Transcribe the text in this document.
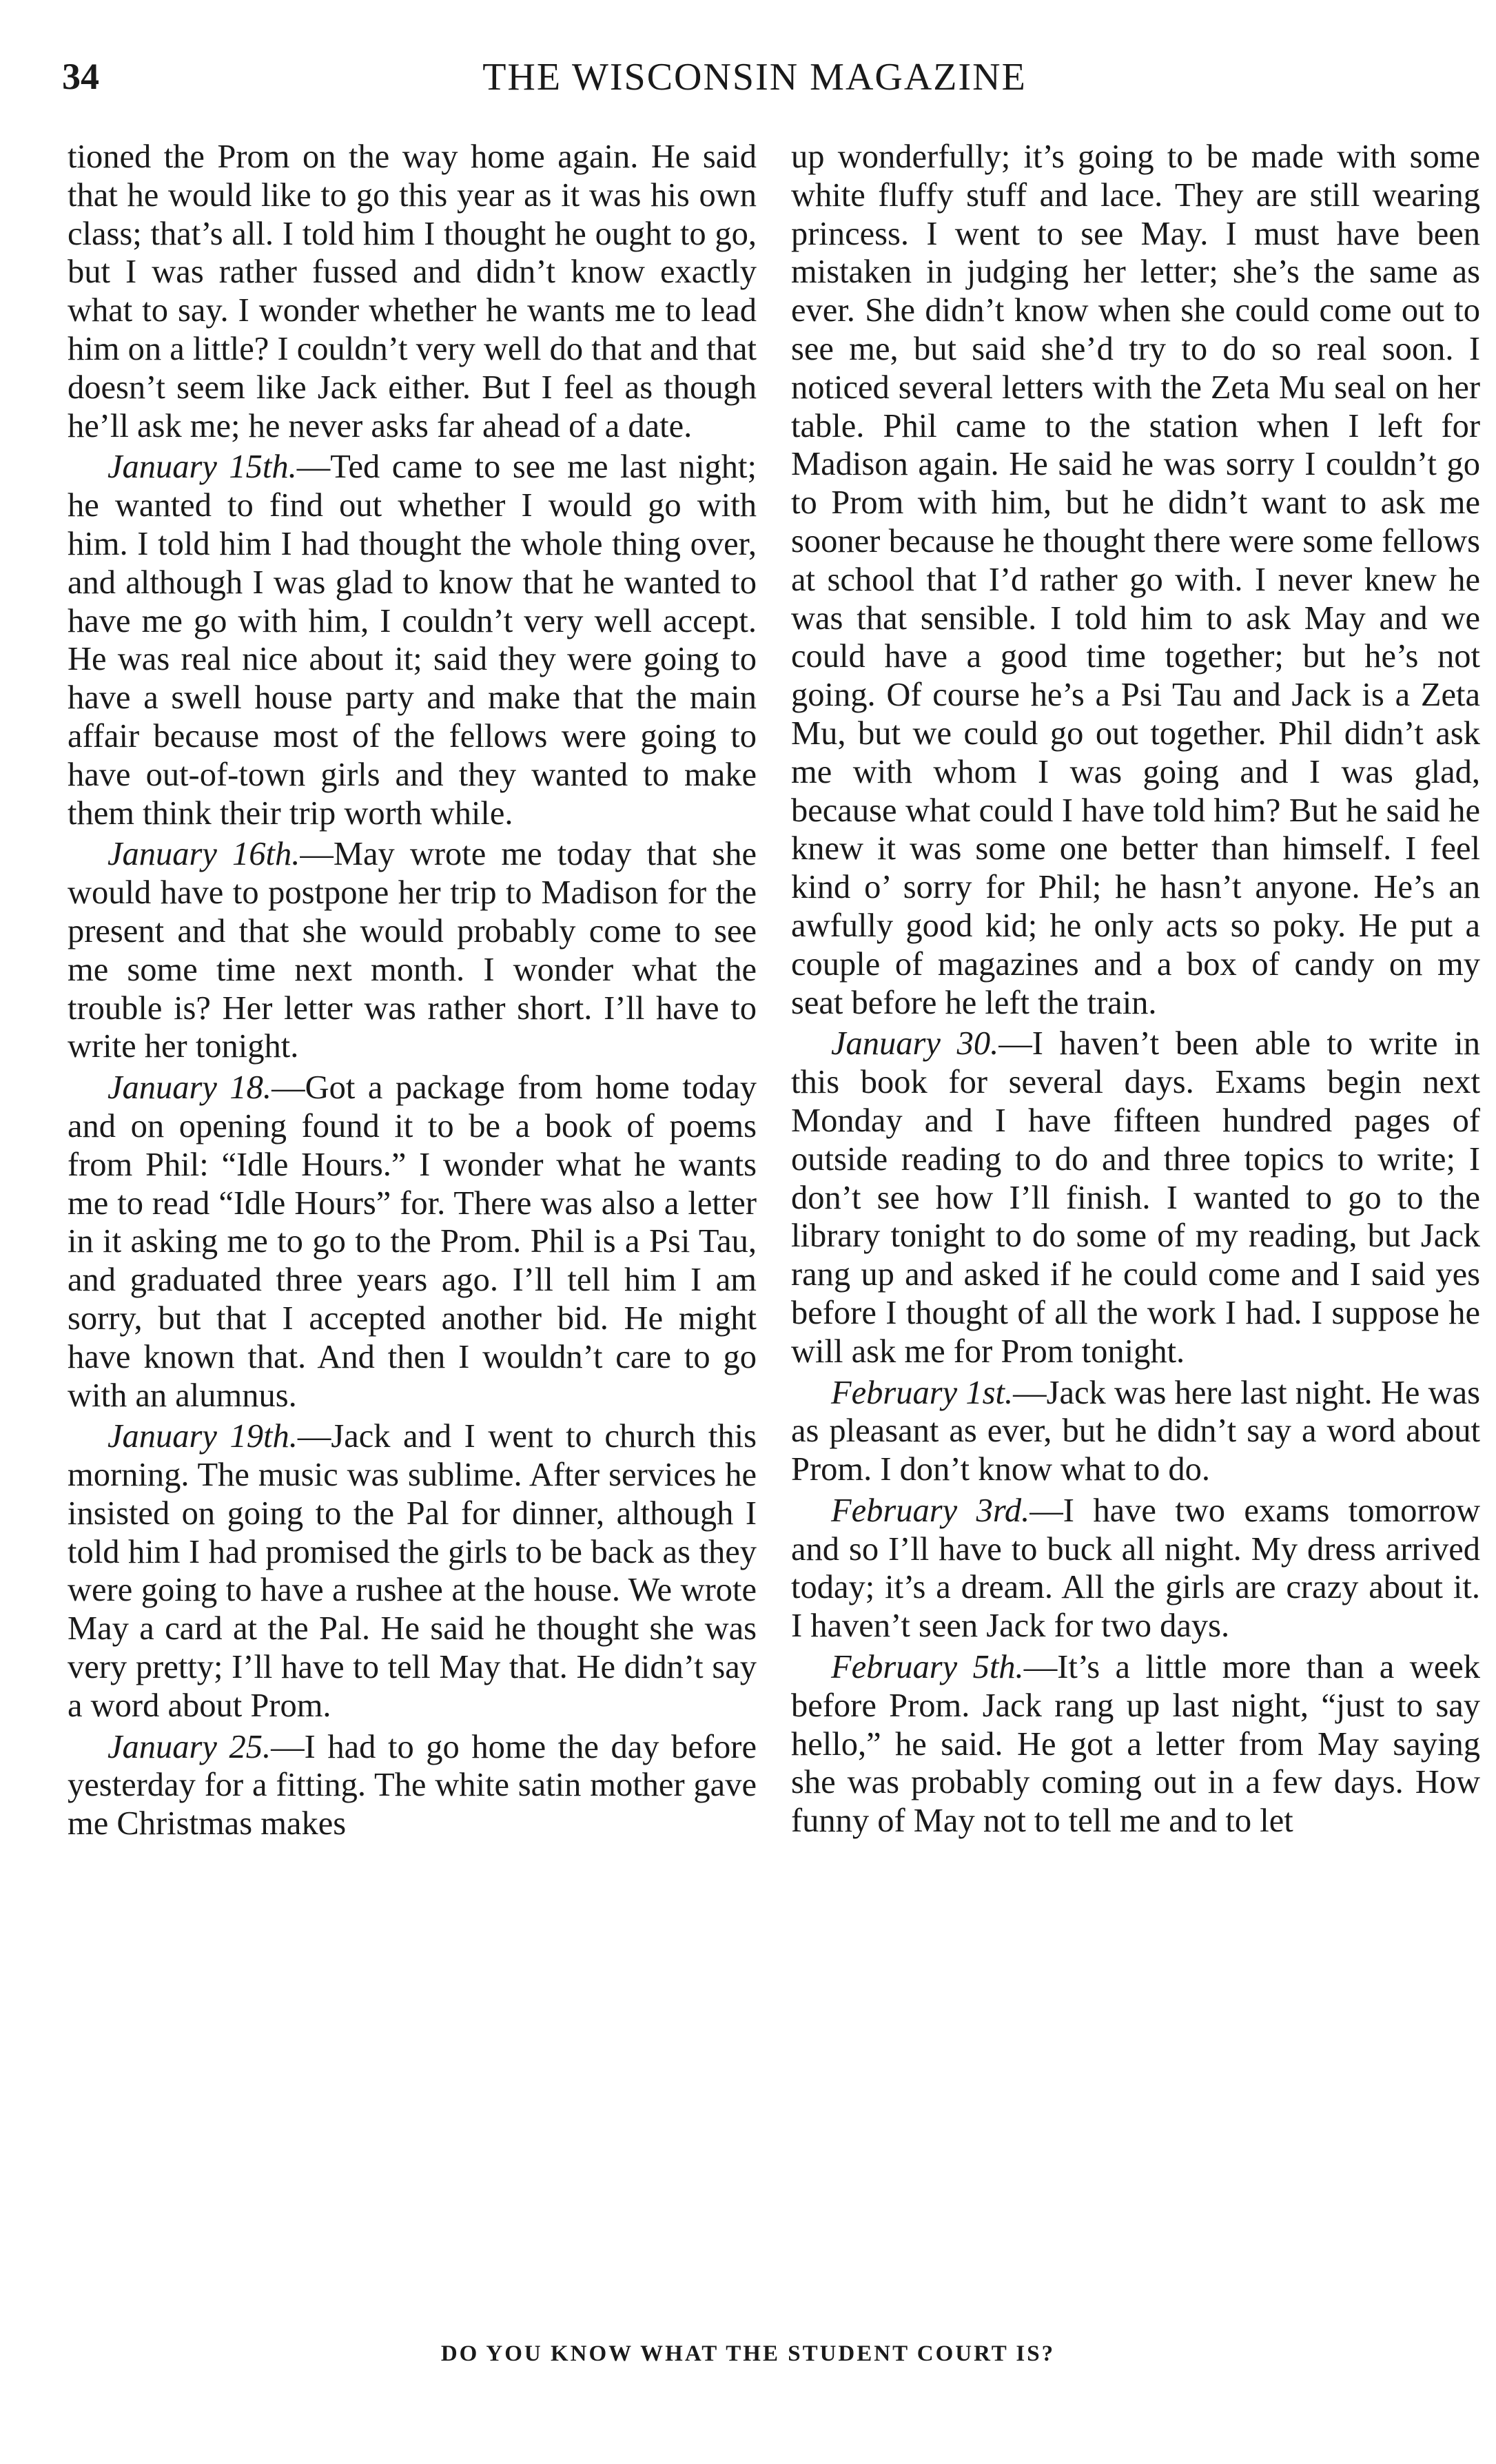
34	THE WISCONSIN MAGAZINE

tioned the Prom on the way home again. He said that he would like to go this year as it was his own class; that’s all. I told him I thought he ought to go, but I was rather fussed and didn’t know exactly what to say. I wonder whether he wants me to lead him on a little? I couldn’t very well do that and that doesn’t seem like Jack either. But I feel as though he’ll ask me; he never asks far ahead of a date.

January 15th.—Ted came to see me last night; he wanted to find out whether I would go with him. I told him I had thought the whole thing over, and although I was glad to know that he wanted to have me go with him, I couldn’t very well accept. He was real nice about it; said they were going to have a swell house party and make that the main affair because most of the fellows were going to have out-of-town girls and they wanted to make them think their trip worth while.

January 16th.—May wrote me today that she would have to postpone her trip to Madison for the present and that she would probably come to see me some time next month. I wonder what the trouble is? Her letter was rather short. I’ll have to write her tonight.

January 18.—Got a package from home today and on opening found it to be a book of poems from Phil: “Idle Hours.” I wonder what he wants me to read “Idle Hours” for. There was also a letter in it asking me to go to the Prom. Phil is a Psi Tau, and graduated three years ago. I’ll tell him I am sorry, but that I accepted another bid. He might have known that. And then I wouldn’t care to go with an alumnus.

January 19th.—Jack and I went to church this morning. The music was sublime. After services he insisted on going to the Pal for dinner, although I told him I had promised the girls to be back as they were going to have a rushee at the house. We wrote May a card at the Pal. He said he thought she was very pretty; I’ll have to tell May that. He didn’t say a word about Prom.

January 25.—I had to go home the day before yesterday for a fitting. The white satin mother gave me Christmas makes

up wonderfully; it’s going to be made with some white fluffy stuff and lace. They are still wearing princess. I went to see May. I must have been mistaken in judging her letter; she’s the same as ever. She didn’t know when she could come out to see me, but said she’d try to do so real soon. I noticed several letters with the Zeta Mu seal on her table. Phil came to the station when I left for Madison again. He said he was sorry I couldn’t go to Prom with him, but he didn’t want to ask me sooner because he thought there were some fellows at school that I’d rather go with. I never knew he was that sensible. I told him to ask May and we could have a good time together; but he’s not going. Of course he’s a Psi Tau and Jack is a Zeta Mu, but we could go out together. Phil didn’t ask me with whom I was going and I was glad, because what could I have told him? But he said he knew it was some one better than himself. I feel kind o’ sorry for Phil; he hasn’t anyone. He’s an awfully good kid; he only acts so poky. He put a couple of magazines and a box of candy on my seat before he left the train.

January 30.—I haven’t been able to write in this book for several days. Exams begin next Monday and I have fifteen hundred pages of outside reading to do and three topics to write; I don’t see how I’ll finish. I wanted to go to the library tonight to do some of my reading, but Jack rang up and asked if he could come and I said yes before I thought of all the work I had. I suppose he will ask me for Prom tonight.

February 1st.—Jack was here last night. He was as pleasant as ever, but he didn’t say a word about Prom. I don’t know what to do.

February 3rd.—I have two exams tomorrow and so I’ll have to buck all night. My dress arrived today; it’s a dream. All the girls are crazy about it. I haven’t seen Jack for two days.

February 5th.—It’s a little more than a week before Prom. Jack rang up last night, “just to say hello,” he said. He got a letter from May saying she was probably coming out in a few days. How funny of May not to tell me and to let

DO YOU KNOW WHAT THE STUDENT COURT IS?
